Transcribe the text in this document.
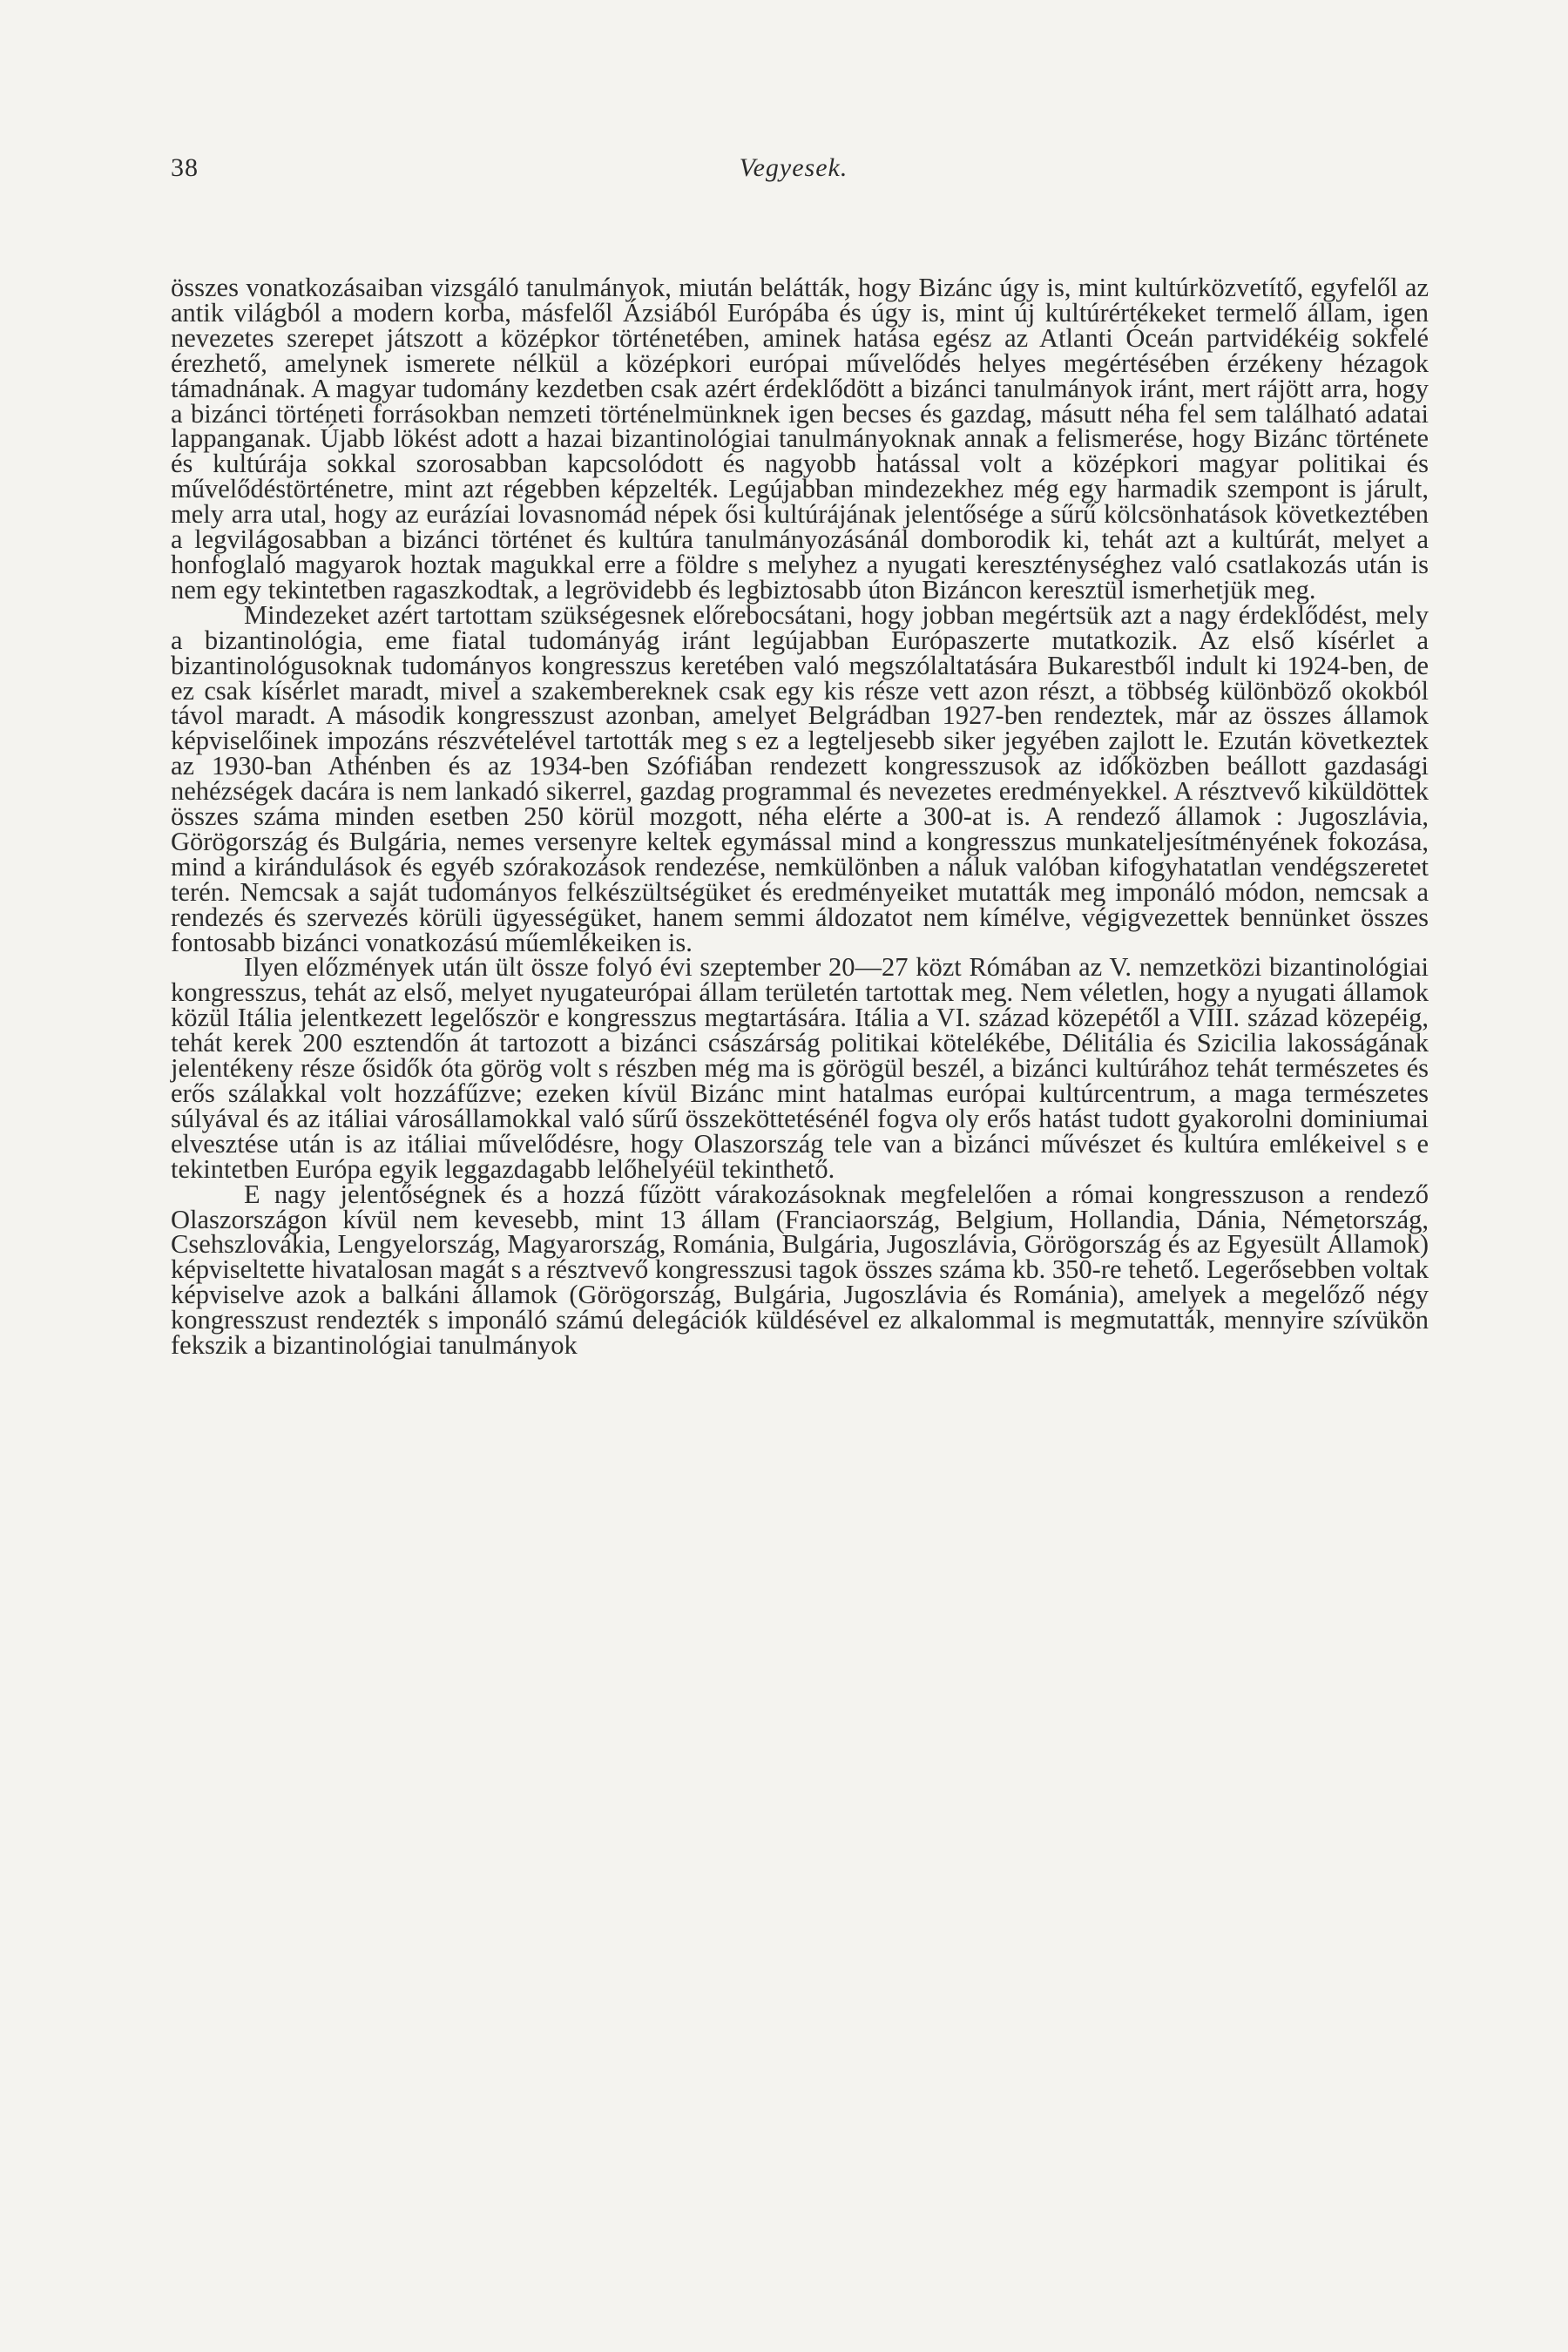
38	Vegyesek.

összes vonatkozásaiban vizsgáló tanulmányok, miután belátták, hogy Bizánc úgy is, mint kultúrközvetítő, egyfelől az antik világból a modern korba, másfelől Ázsiából Európába és úgy is, mint új kultúrértékeket termelő állam, igen nevezetes szerepet játszott a középkor történetében, aminek hatása egész az Atlanti Óceán partvidékéig sokfelé érezhető, amelynek ismerete nélkül a középkori európai művelődés helyes megértésében érzékeny hézagok támadnának. A magyar tudomány kezdetben csak azért érdeklődött a bizánci tanulmányok iránt, mert rájött arra, hogy a bizánci történeti forrásokban nemzeti történelmünknek igen becses és gazdag, másutt néha fel sem található adatai lappanganak. Újabb lökést adott a hazai bizantinológiai tanulmányoknak annak a felismerése, hogy Bizánc története és kultúrája sokkal szorosabban kapcsolódott és nagyobb hatással volt a középkori magyar politikai és művelődéstörténetre, mint azt régebben képzelték. Legújabban mindezekhez még egy harmadik szempont is járult, mely arra utal, hogy az eurázíai lovasnomád népek ősi kultúrájának jelentősége a sűrű kölcsönhatások következtében a legvilágosabban a bizánci történet és kultúra tanulmányozásánál domborodik ki, tehát azt a kultúrát, melyet a honfoglaló magyarok hoztak magukkal erre a földre s melyhez a nyugati kereszténységhez való csatlakozás után is nem egy tekintetben ragaszkodtak, a legrövidebb és legbiztosabb úton Bizáncon keresztül ismerhetjük meg.

Mindezeket azért tartottam szükségesnek előrebocsátani, hogy jobban megértsük azt a nagy érdeklődést, mely a bizantinológia, eme fiatal tudományág iránt legújabban Európaszerte mutatkozik. Az első kísérlet a bizantinológusoknak tudományos kongresszus keretében való megszólaltatására Bukarestből indult ki 1924-ben, de ez csak kísérlet maradt, mivel a szakembereknek csak egy kis része vett azon részt, a többség különböző okokból távol maradt. A második kongresszust azonban, amelyet Belgrádban 1927-ben rendeztek, már az összes államok képviselőinek impozáns részvételével tartották meg s ez a legteljesebb siker jegyében zajlott le. Ezután következtek az 1930-ban Athénben és az 1934-ben Szófiában rendezett kongresszusok az időközben beállott gazdasági nehézségek dacára is nem lankadó sikerrel, gazdag programmal és nevezetes eredményekkel. A résztvevő kiküldöttek összes száma minden esetben 250 körül mozgott, néha elérte a 300-at is. A rendező államok : Jugoszlávia, Görögország és Bulgária, nemes versenyre keltek egymással mind a kongresszus munkateljesítményének fokozása, mind a kirándulások és egyéb szórakozások rendezése, nemkülönben a náluk valóban kifogyhatatlan vendégszeretet terén. Nemcsak a saját tudományos felkészültségüket és eredményeiket mutatták meg imponáló módon, nemcsak a rendezés és szervezés körüli ügyességüket, hanem semmi áldozatot nem kímélve, végigvezettek bennünket összes fontosabb bizánci vonatkozású műemlékeiken is.

Ilyen előzmények után ült össze folyó évi szeptember 20—27 közt Rómában az V. nemzetközi bizantinológiai kongresszus, tehát az első, melyet nyugateurópai állam területén tartottak meg. Nem véletlen, hogy a nyugati államok közül Itália jelentkezett legelőször e kongresszus megtartására. Itália a VI. század közepétől a VIII. század közepéig, tehát kerek 200 esztendőn át tartozott a bizánci császárság politikai kötelékébe, Délitália és Szicilia lakosságának jelentékeny része ősidők óta görög volt s részben még ma is görögül beszél, a bizánci kultúrához tehát természetes és erős szálakkal volt hozzáfűzve; ezeken kívül Bizánc mint hatalmas európai kultúrcentrum, a maga természetes súlyával és az itáliai városállamokkal való sűrű összeköttetésénél fogva oly erős hatást tudott gyakorolni dominiumai elvesztése után is az itáliai művelődésre, hogy Olaszország tele van a bizánci művészet és kultúra emlékeivel s e tekintetben Európa egyik leggazdagabb lelőhelyéül tekinthető.

E nagy jelentőségnek és a hozzá fűzött várakozásoknak megfelelően a római kongresszuson a rendező Olaszországon kívül nem kevesebb, mint 13 állam (Franciaország, Belgium, Hollandia, Dánia, Németország, Csehszlovákia, Lengyelország, Magyarország, Románia, Bulgária, Jugoszlávia, Görögország és az Egyesült Államok) képviseltette hivatalosan magát s a résztvevő kongresszusi tagok összes száma kb. 350-re tehető. Legerősebben voltak képviselve azok a balkáni államok (Görögország, Bulgária, Jugoszlávia és Románia), amelyek a megelőző négy kongresszust rendezték s imponáló számú delegációk küldésével ez alkalommal is megmutatták, mennyire szívükön fekszik a bizantinológiai tanulmányok
